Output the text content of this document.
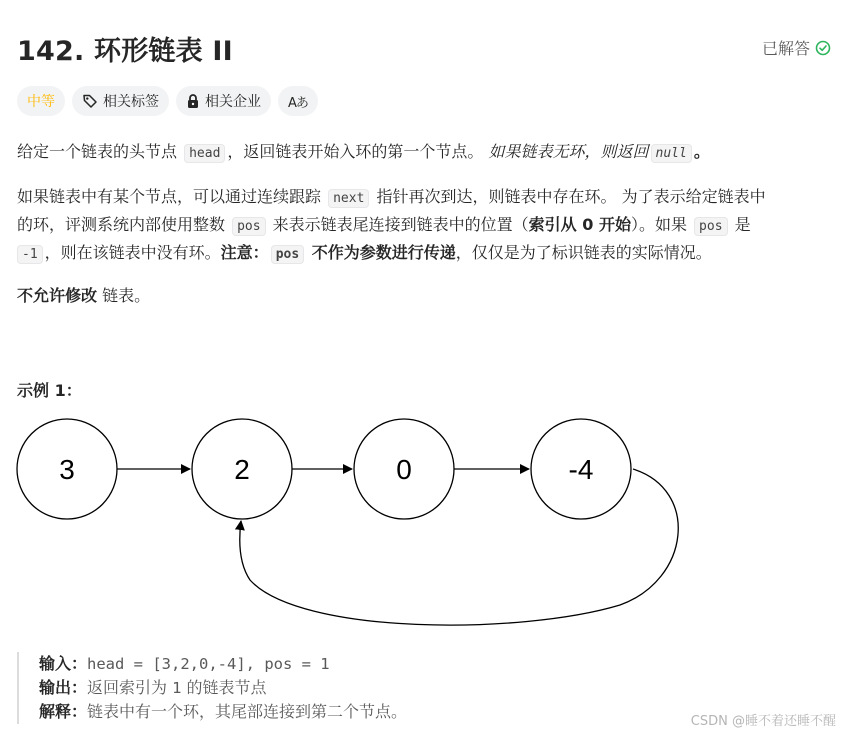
142. 环形链表 II	已解答
中等	相关标签	相关企业 Aあ
给定一个链表的头节点 head ，返回链表开始入环的第一个节点。 如果链表无环，则返回 null 。
如果链表中有某个节点，可以通过连续跟踪 next 指针再次到达，则链表中存在环。 为了表示给定链表中
的环，评测系统内部使用整数 pos 来表示链表尾连接到链表中的位置（索引从 0 开始）。如果 pos 是
-1 ，则在该链表中没有环。注意： pos 不作为参数进行传递，仅仅是为了标识链表的实际情况。
不允许修改 链表。
示例 1：
3	2	0	-4
输入：head = [3,2,0,-4], pos = 1
输出：返回索引为 1 的链表节点
解释：链表中有一个环，其尾部连接到第二个节点。
CSDN @睡不着还睡不醒
